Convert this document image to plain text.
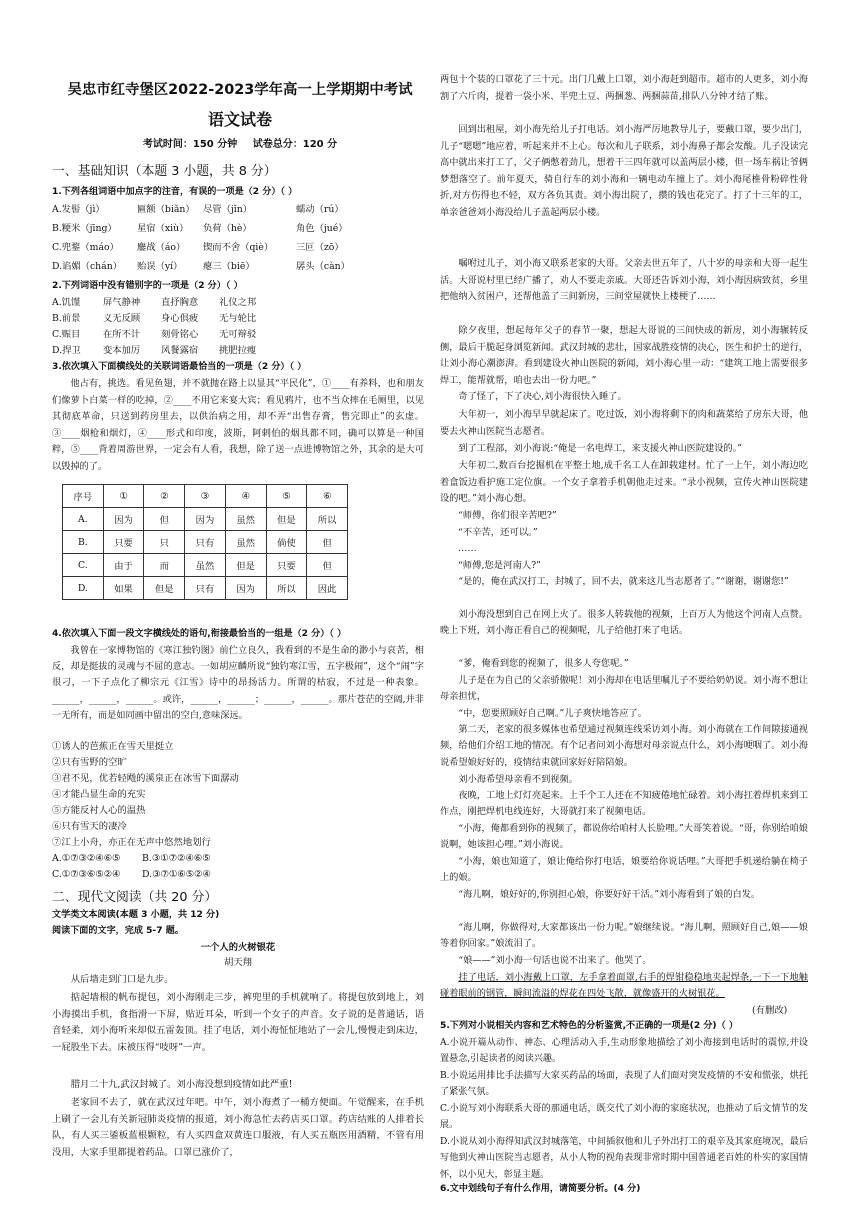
吴忠市红寺堡区2022-2023学年高一上学期期中考试
语文试卷
考试时间：150 分钟 试卷总分：120 分
一、基础知识（本题 3 小题，共 8 分）
1.下列各组词语中加点字的注音，有误的一项是（2 分）（ ）
A.发髻（jì）	匾额（biǎn） 尽管（jǐn）	蠕动（rú）
B.粳米（jīng） 星宿（xiù） 负荷（hè）	角色（jué）
C.兜鍪（máo） 鏖战（áo） 锲而不舍（qiè） 三叵（zō）
D.谄媚（chán） 贻误（yí） 瘪三（biē）	孱头（càn）
2.下列词语中没有错别字的一项是（2 分）（ ）
A.饥馑 屏气静神 直抒胸意 礼仪之邦
B.前景 义无反顾 身心俱疲 无与轮比
C.赈目 在所不计 刻骨铭心 无可辩驳
D.捍卫 变本加厉 风餐露宿 挑肥拉瘦
3.依次填入下面横线处的关联词语最恰当的一项是（2 分）（ ）
他占有，挑选。看见鱼翅，并不就抛在路上以显其“平民化”，①____有养料，也和朋友们像萝卜白菜一样的吃掉，②____不用它来宴大宾；看见鸦片，也不当众摔在毛厕里，以见其彻底革命，只送到药房里去，以供治病之用，却不弄“出售存膏，售完即止”的玄虚。③____烟枪和烟灯，④____形式和印度，波斯，阿剌伯的烟具都不同，确可以算是一种国粹，⑤____背着周游世界，一定会有人看，我想，除了送一点进博物馆之外，其余的是大可以毁掉的了。
序号	①	②	③	④	⑤	⑥
A.	因为	但	因为	虽然	但是	所以
B.	只要	只	只有	虽然	倘使	但
C.	由于	而	虽然	但是	只要	但
D.	如果	但是	只有	因为	所以	因此
4.依次填入下面一段文字横线处的语句,衔接最恰当的一组是（2 分）（ ）
我曾在一家博物馆的《寒江独钓图》前伫立良久，我看到的不是生命的渺小与哀苦，相反，却是挺拔的灵魂与不屈的意志。一如胡应麟所说“独钓寒江雪，五字极闹”，这个“闹”字很刁，一下子点化了柳宗元《江雪》诗中的昂扬活力。所谓的枯寂，不过是一种表象。______，______，______。或许，______，______；______，______。那片苍茫的空阔,并非一无所有，而是如同画中留出的空白,意味深远。
①诱人的芭蕉正在雪天里挺立
②只有雪野的空旷
③君不见，优若轻飏的溪泉正在冰雪下面潺动
④才能凸显生命的充实
⑤方能反衬人心的温热
⑥只有雪天的凄冷
⑦江上小舟，亦正在无声中悠然地划行
A.①⑦③②④⑥⑤ B.③①⑦②④⑥⑤
C.①⑦③⑥⑤②④ D.③⑦①⑥⑤②④
二、现代文阅读（共 20 分）
文学类文本阅读(本题 3 小题，共 12 分)
阅读下面的文字，完成 5-7 题。
一个人的火树银花
胡天翔
从后墙走到门口是九步。
掂起墙根的帆布提包，刘小海刚走三步，裤兜里的手机就响了。将提包放到地上，刘小海摸出手机，食指滑一下屏，贴近耳朵，听到一个女子的声音。女子说的是普通话，语音轻柔，刘小海听来却似五雷轰顶。挂了电话，刘小海怔怔地站了一会儿,慢慢走到床边，一屁股坐下去。床被压得“吱呀”一声。
腊月二十九,武汉封城了。刘小海没想到疫情如此严重!
老家回不去了，就在武汉过年吧。中午，刘小海煮了一桶方便面。午觉醒来，在手机上刷了一会儿有关新冠肺炎疫情的报道，刘小海急忙去药店买口罩。药店结账的人排着长队，有人买三鋈板蓝根颗粒，有人买四盒双黄连口服液，有人买五瓶医用酒精，不管有用没用，大家手里都提着药品。口罩已涨价了，
两包十个装的口罩花了三十元。出门几戴上口罩，刘小海赶到超市。超市的人更多，刘小海割了六斤肉，提着一袋小米、半兜土豆、两捆葱、两捆蒜苗,排队八分钟才结了账。
回到出租屋，刘小海先给儿子打电话。刘小海严厉地教导儿子，要戴口罩，要少出门，儿子“嗯嗯”地应着，听起来并不上心。每次和儿子联系，刘小海鼻子都会发酸。儿子没读完高中就出来打工了，父子俩憋着劲儿，想着干三四年就可以盖两层小楼，但一场车祸让爷俩梦想落空了。前年夏天，骑自行车的刘小海和一辆电动车撞上了。刘小海尾椎骨粉碎性骨折,对方伤得也不轻，双方各负其责。刘小海出院了，攒的钱也花完了。打了十三年的工，单亲爸爸刘小海没给儿子盖起两层小楼。
嘱咐过儿子，刘小海又联系老家的大哥。父亲去世五年了，八十岁的母亲和大哥一起生活。大哥说村里已经广播了，劝人不要走亲戚。大哥还告诉刘小海，刘小海因病致贫，乡里把他纳入贫困户，还帮他盖了三间新房，三间堂屋就快上楼梗了……
除夕夜里，想起每年父子的春节一聚，想起大哥说的三间快成的新房，刘小海辗转反侧，最后干脆起身浏览新闻。武汉封城的悲壮，国家战胜疫情的决心，医生和护士的逆行，让刘小海心潮澎湃。看到建设火神山医院的新闻，刘小海心里一动：“建筑工地上需要很多焊工，能帮就帮，咱也去出一份力吧。”
奇了怪了，下了决心,刘小海很快入睡了。
大年初一，刘小海早早就起床了。吃过饭，刘小海将剩下的肉和蔬菜给了房东大哥，他要去火神山医院当志愿者。
到了工程部，刘小海说:“俺是一名电焊工，来支援火神山医院建设的。”
大年初二,数百台挖掘机在平整土地,成千名工人在卸载建材。忙了一上午，刘小海边吃着盒饭边看护施工定位旗。一个女子拿着手机朝他走过来。“录小视频，宣传火神山医院建设的吧。”刘小海心想。
“师傅，你们很辛苦吧?”
“不辛苦，还可以。”
……
“师傅,您是河南人?”
“是的，俺在武汉打工，封城了，回不去，就来这儿当志愿者了。”“谢谢，谢谢您!”
刘小海没想到自己在网上火了。很多人转载他的视频，上百万人为他这个河南人点赞。晚上下班，刘小海正看自己的视频呢，儿子给他打来了电话。
“爹，俺看到您的视频了，很多人夸您呢。”
儿子是在为自己的父亲骄傲呢！刘小海却在电话里嘱儿子不要给奶奶说。刘小海不想让母亲担忧，
“中，您要照顾好自己啊。”儿子爽快地答应了。
第二天，老家的很多媒体也希望通过视频连线采访刘小海。刘小海就在工作间隙接通视频，给他们介绍工地的情况。有个记者问刘小海想对母亲说点什么，刘小海哽咽了。刘小海说希望娘好好的，疫情结束就回家好好陪陪娘。
刘小海希望母亲看不到视频。
夜晚，工地上灯灯亮起来。上千个工人还在不知疲倦地忙碌着。刘小海扛着焊机来到工作点，刚把焊机电线连好，大哥就打来了视频电话。
“小海，俺都看到你的视频了，都说你给咱村人长脸哩。”大哥笑着说。“哥，你别给咱娘说啊，她该担心哩。”刘小海说。
“小海，娘也知道了，娘让俺给你打电话，娘要给你说话哩。”大哥把手机递给躺在椅子上的娘。
“海儿啊，娘好好的,你别担心娘，你要好好干活。”刘小海看到了娘的白发。
“海儿啊，你做得对,大家都该出一份力呢。”娘继续说。“海儿啊，照顾好自己,娘——娘等着你回家。”娘流泪了。
“娘——”刘小海一句话也说不出来了。他哭了。
挂了电话，刘小海戴上口罩，左手拿着面罩,右手的焊钳稳稳地夹起焊条,一下一下地触碰着眼前的钢管，瞬间流溢的焊花在四处飞散，就像盛开的火树银花。
(有删改)
5.下列对小说相关内容和艺术特色的分析鉴赏,不正确的一项是(2 分)（ ）
A.小说开篇从动作、神态、心理活动入手,生动形象地描绘了刘小海接到电话时的震惊,并设置悬念,引起读者的阅读兴趣。
B.小说运用排比手法描写大家买药品的场面，表现了人们面对突发疫情的不安和慌张，烘托了紧张气氛。
C.小说写刘小海联系大哥的那通电话，既交代了刘小海的家庭状况，也推动了后文情节的发展。
D.小说从刘小海得知武汉封城落笔，中间插叙他和儿子外出打工的艰辛及其家庭境况，最后写他到火神山医院当志愿者，从小人物的视角表现非常时期中国普通老百姓的朴实的家国情怀，以小见大，彰显主题。
6.文中划线句子有什么作用，请简要分析。(4 分)
